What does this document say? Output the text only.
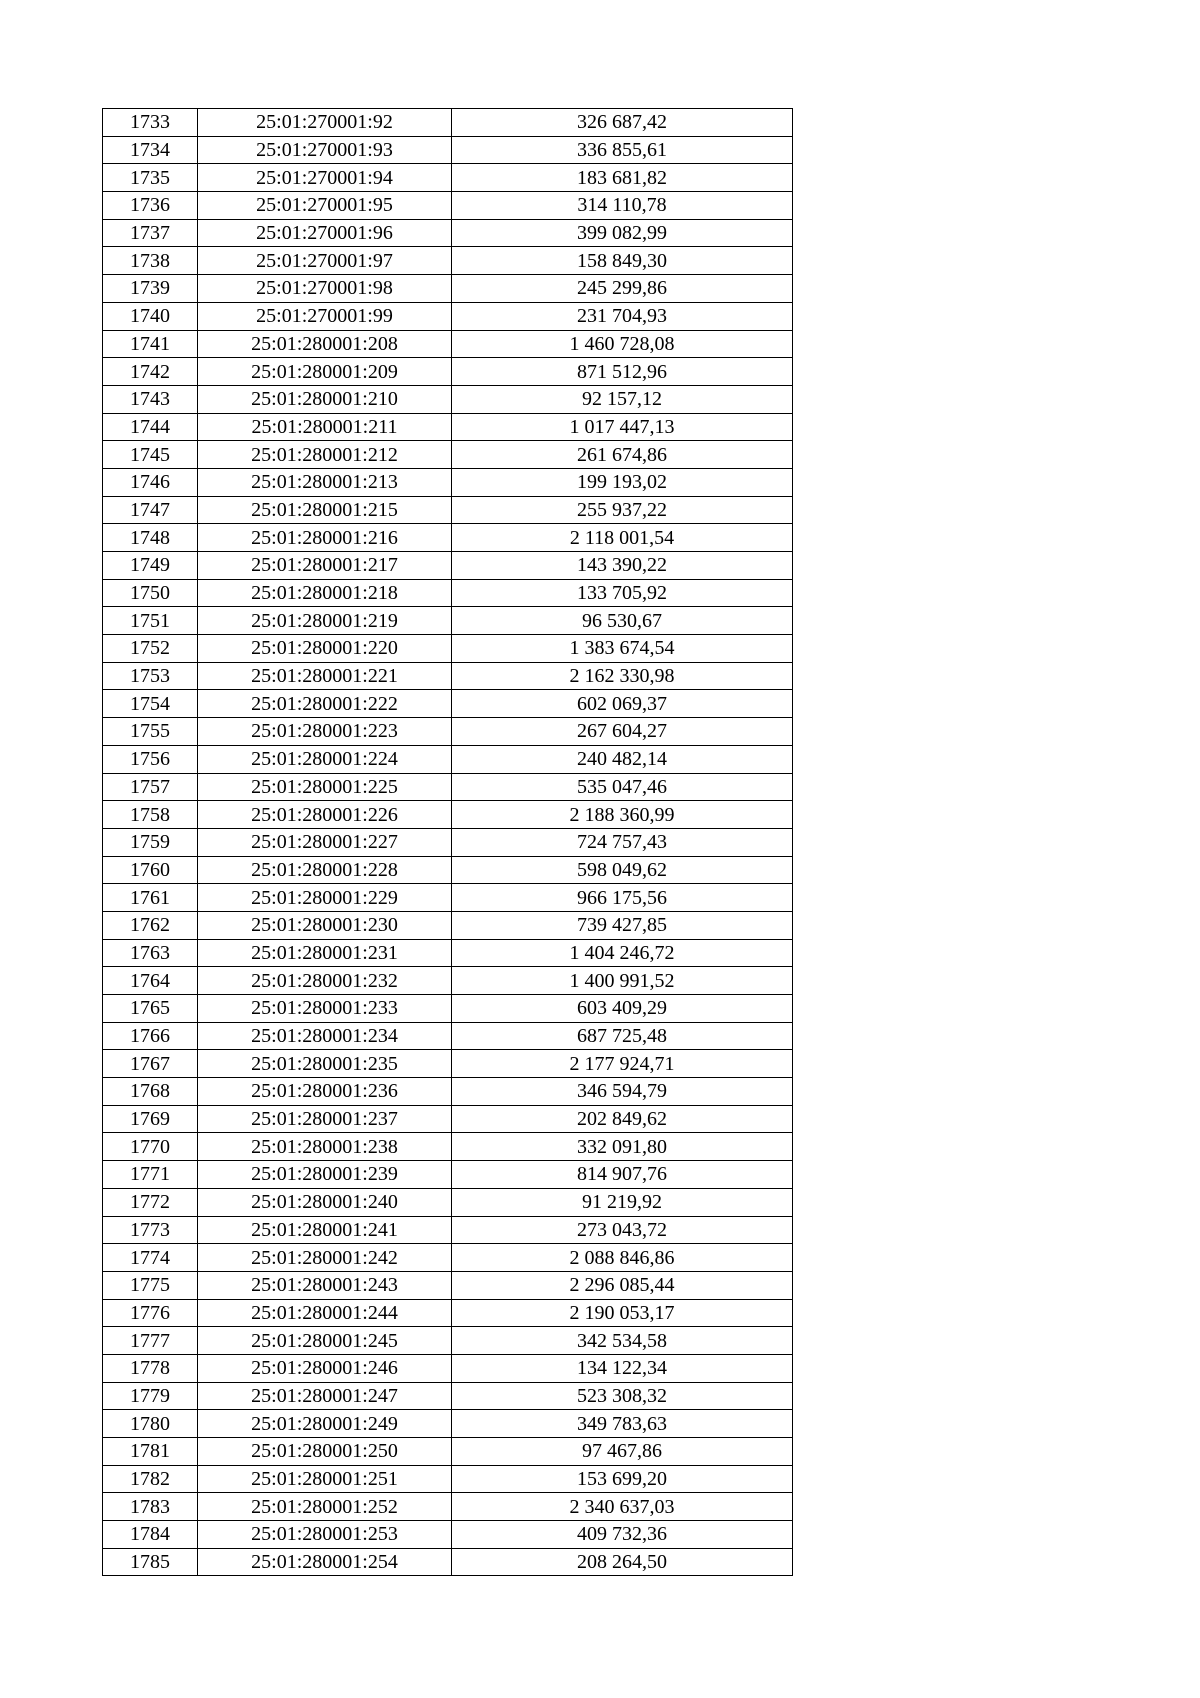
1733	25:01:270001:92	326 687,42
1734	25:01:270001:93	336 855,61
1735	25:01:270001:94	183 681,82
1736	25:01:270001:95	314 110,78
1737	25:01:270001:96	399 082,99
1738	25:01:270001:97	158 849,30
1739	25:01:270001:98	245 299,86
1740	25:01:270001:99	231 704,93
1741	25:01:280001:208	1 460 728,08
1742	25:01:280001:209	871 512,96
1743	25:01:280001:210	92 157,12
1744	25:01:280001:211	1 017 447,13
1745	25:01:280001:212	261 674,86
1746	25:01:280001:213	199 193,02
1747	25:01:280001:215	255 937,22
1748	25:01:280001:216	2 118 001,54
1749	25:01:280001:217	143 390,22
1750	25:01:280001:218	133 705,92
1751	25:01:280001:219	96 530,67
1752	25:01:280001:220	1 383 674,54
1753	25:01:280001:221	2 162 330,98
1754	25:01:280001:222	602 069,37
1755	25:01:280001:223	267 604,27
1756	25:01:280001:224	240 482,14
1757	25:01:280001:225	535 047,46
1758	25:01:280001:226	2 188 360,99
1759	25:01:280001:227	724 757,43
1760	25:01:280001:228	598 049,62
1761	25:01:280001:229	966 175,56
1762	25:01:280001:230	739 427,85
1763	25:01:280001:231	1 404 246,72
1764	25:01:280001:232	1 400 991,52
1765	25:01:280001:233	603 409,29
1766	25:01:280001:234	687 725,48
1767	25:01:280001:235	2 177 924,71
1768	25:01:280001:236	346 594,79
1769	25:01:280001:237	202 849,62
1770	25:01:280001:238	332 091,80
1771	25:01:280001:239	814 907,76
1772	25:01:280001:240	91 219,92
1773	25:01:280001:241	273 043,72
1774	25:01:280001:242	2 088 846,86
1775	25:01:280001:243	2 296 085,44
1776	25:01:280001:244	2 190 053,17
1777	25:01:280001:245	342 534,58
1778	25:01:280001:246	134 122,34
1779	25:01:280001:247	523 308,32
1780	25:01:280001:249	349 783,63
1781	25:01:280001:250	97 467,86
1782	25:01:280001:251	153 699,20
1783	25:01:280001:252	2 340 637,03
1784	25:01:280001:253	409 732,36
1785	25:01:280001:254	208 264,50
